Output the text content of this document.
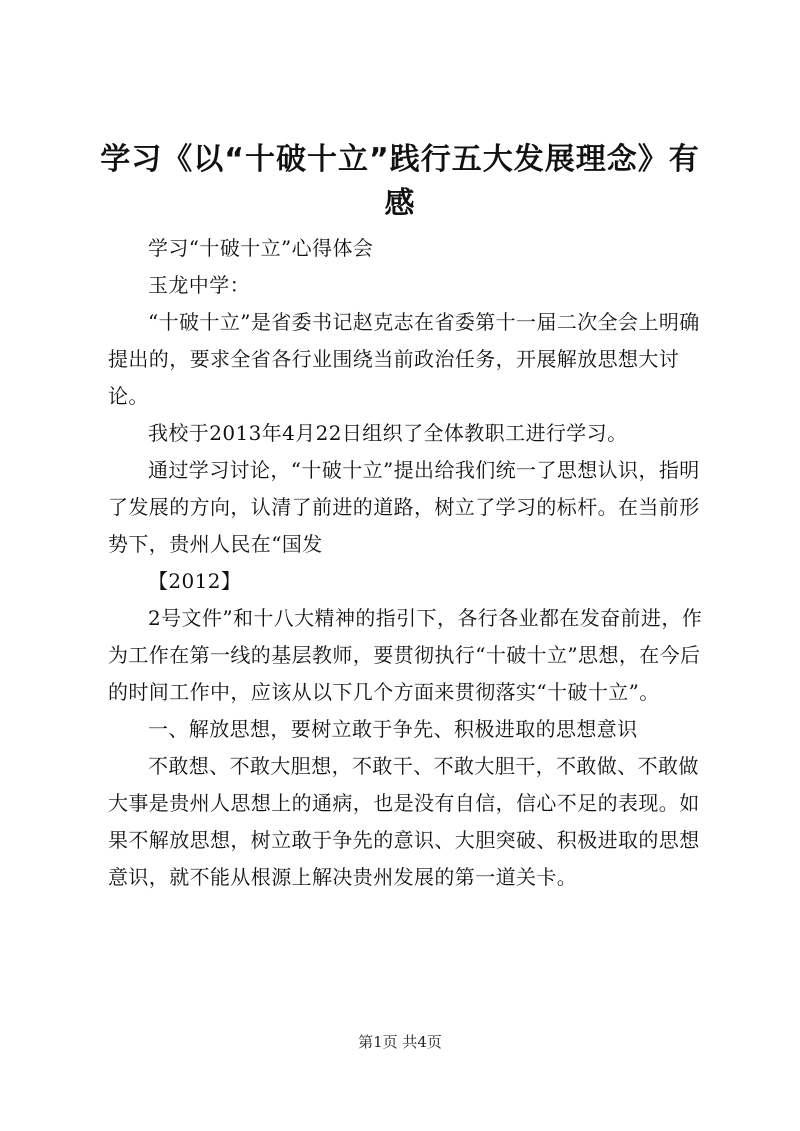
学习《以“十破十立”践行五大发展理念》有感

学习“十破十立”心得体会

玉龙中学：

“十破十立”是省委书记赵克志在省委第十一届二次全会上明确提出的，要求全省各行业围绕当前政治任务，开展解放思想大讨论。

我校于2013年4月22日组织了全体教职工进行学习。

通过学习讨论，“十破十立”提出给我们统一了思想认识，指明了发展的方向，认清了前进的道路，树立了学习的标杆。在当前形势下，贵州人民在“国发

【2012】

2号文件”和十八大精神的指引下，各行各业都在发奋前进，作为工作在第一线的基层教师，要贯彻执行“十破十立”思想，在今后的时间工作中，应该从以下几个方面来贯彻落实“十破十立”。

一、解放思想，要树立敢于争先、积极进取的思想意识

不敢想、不敢大胆想，不敢干、不敢大胆干，不敢做、不敢做大事是贵州人思想上的通病，也是没有自信，信心不足的表现。如果不解放思想，树立敢于争先的意识、大胆突破、积极进取的思想意识，就不能从根源上解决贵州发展的第一道关卡。

第1页 共4页
